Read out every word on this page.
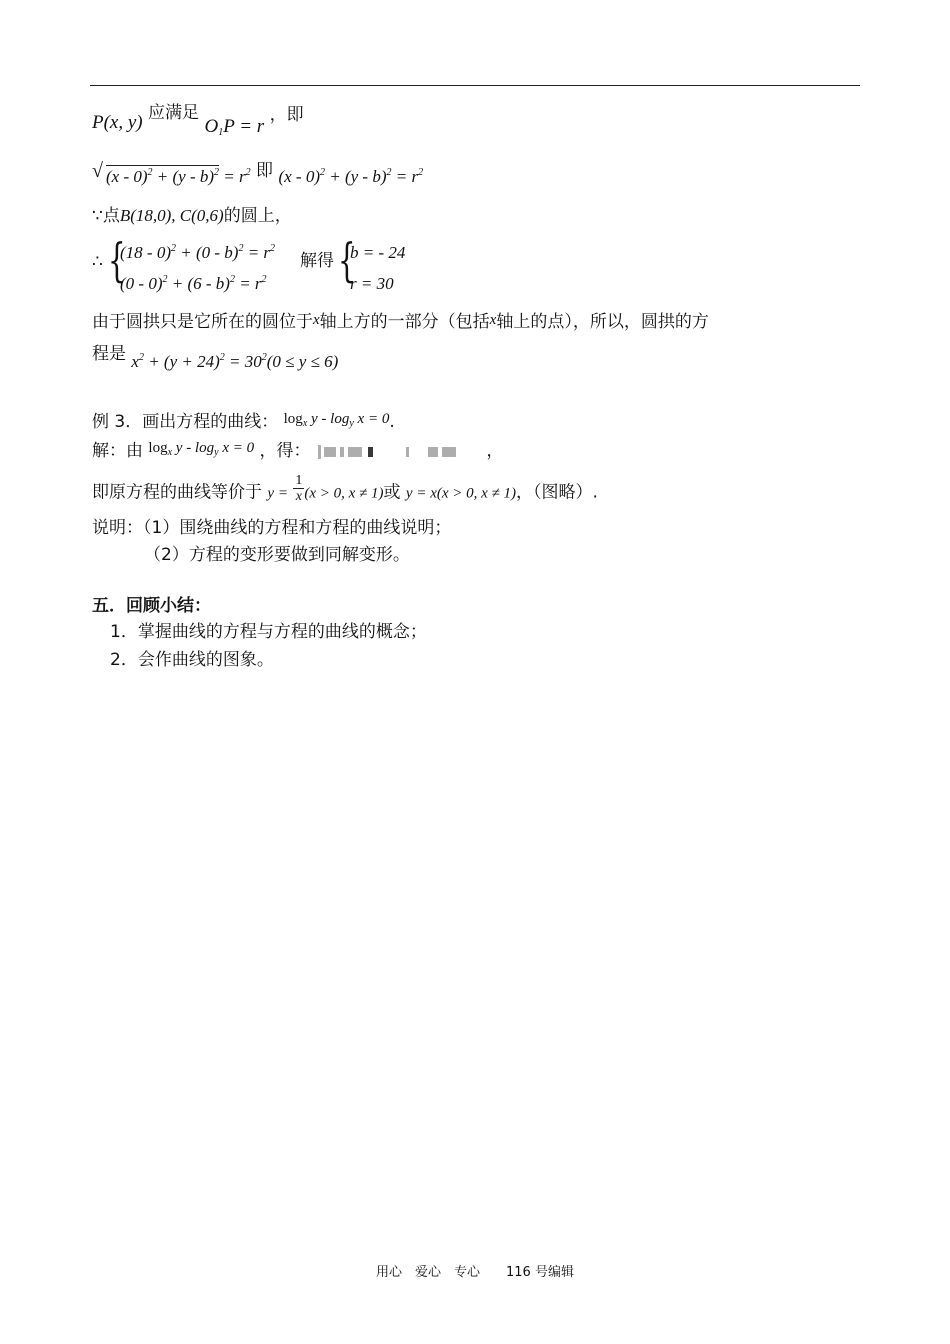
P(x, y) 应满足 $O_1P = r$ ，即
√ $(x - 0)^2 + (y - b)^2 = r^2$ 即 $(x - 0)^2 + (y - b)^2 = r^2$
∵点B(18,0), C(0,6)的圆上，
∴ {
$(18 - 0)^2 + (0 - b)^2 = r^2$
$(0 - 0)^2 + (6 - b)^2 = r^2$
解得 {
b = - 24
r = 30
由于圆拱只是它所在的圆位于x轴上方的一部分（包括x轴上的点），所以，圆拱的方
程是 $x^2 + (y + 24)^2 = 30^2(0 \le y \le 6)$
例 3．画出方程的曲线： $\log_x y - \log_y x = 0$.
解：由 $\log_x y - \log_y x = 0$ ，得：	，
即原方程的曲线等价于 $y = \frac{1}{x} (x > 0$, x ≠ 1)或 y = x(x > 0, x ≠ 1)，（图略）.
说明：（1）围绕曲线的方程和方程的曲线说明；
（2）方程的变形要做到同解变形。
五．回顾小结：
1．掌握曲线的方程与方程的曲线的概念；
2．会作曲线的图象。
用心　爱心　专心　　116 号编辑
